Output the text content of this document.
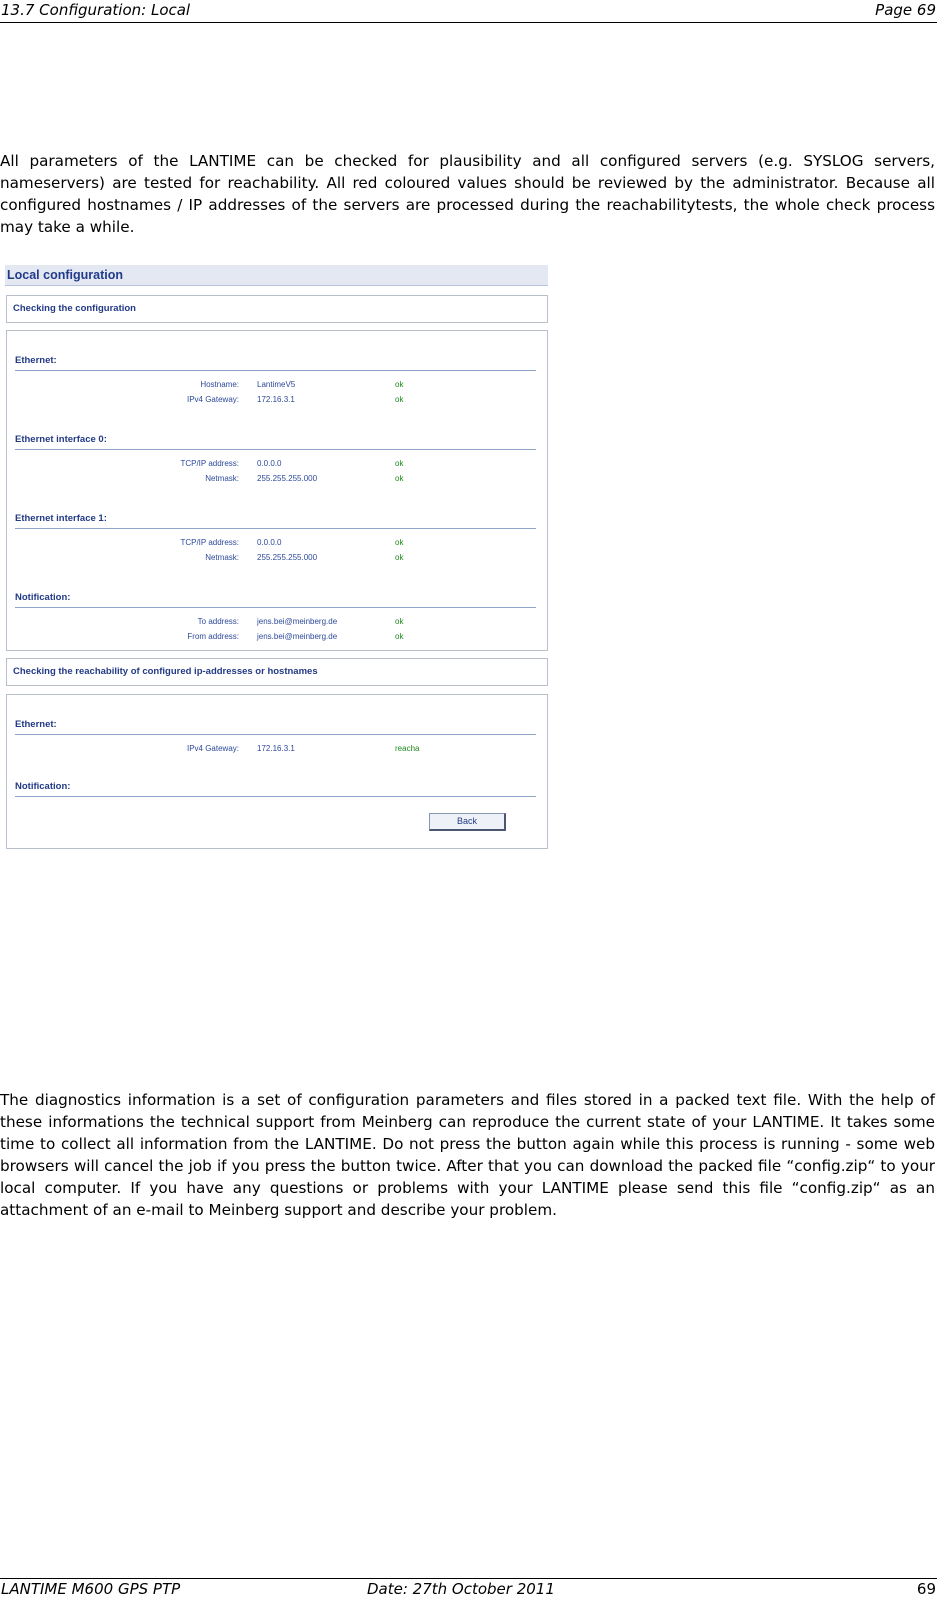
13.7 Configuration: Local	Page 69

All parameters of the LANTIME can be checked for plausibility and all configured servers (e.g. SYSLOG servers, nameservers) are tested for reachability. All red coloured values should be reviewed by the administrator. Because all configured hostnames / IP addresses of the servers are processed during the reachabilitytests, the whole check process may take a while.

Local configuration
Checking the configuration
Ethernet:
Hostname: LantimeV5	ok
IPv4 Gateway: 172.16.3.1	ok
Ethernet interface 0:
TCP/IP address: 0.0.0.0	ok
Netmask: 255.255.255.000	ok
Ethernet interface 1:
TCP/IP address: 0.0.0.0	ok
Netmask: 255.255.255.000	ok
Notification:
To address: jens.bei@meinberg.de	ok
From address: jens.bei@meinberg.de	ok
Checking the reachability of configured ip-addresses or hostnames
Ethernet:
IPv4 Gateway: 172.16.3.1	reacha
Notification:
Back

The diagnostics information is a set of configuration parameters and files stored in a packed text file. With the help of these informations the technical support from Meinberg can reproduce the current state of your LANTIME. It takes some time to collect all information from the LANTIME. Do not press the button again while this process is running - some web browsers will cancel the job if you press the button twice. After that you can download the packed file “config.zip“ to your local computer. If you have any questions or problems with your LANTIME please send this file “config.zip“ as an attachment of an e-mail to Meinberg support and describe your problem.

LANTIME M600 GPS PTP	Date: 27th October 2011	69
